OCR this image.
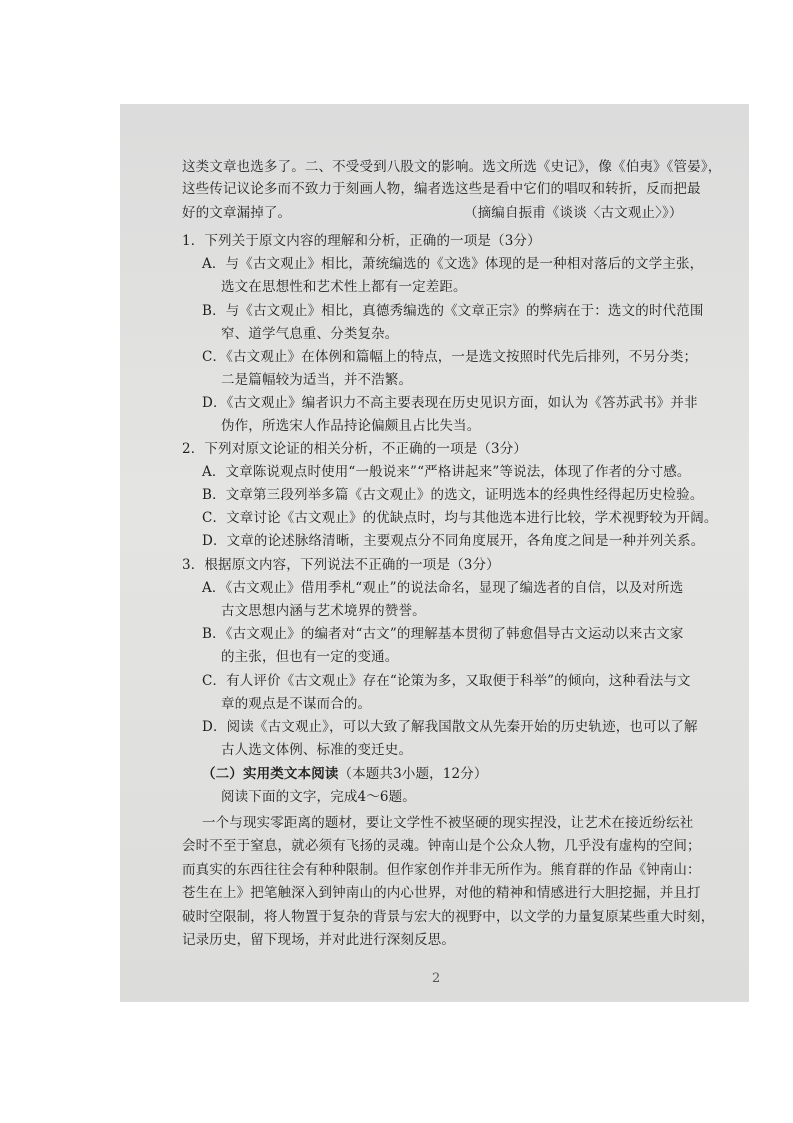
这类文章也选多了。二、不受受到八股文的影响。选文所选《史记》，像《伯夷》《管晏》，
这些传记议论多而不致力于刻画人物，编者选这些是看中它们的唱叹和转折，反而把最
好的文章漏掉了。	（摘编自振甫《谈谈〈古文观止〉》）
1．下列关于原文内容的理解和分析，正确的一项是（3分）
A．与《古文观止》相比，萧统编选的《文选》体现的是一种相对落后的文学主张，
选文在思想性和艺术性上都有一定差距。
B．与《古文观止》相比，真德秀编选的《文章正宗》的弊病在于：选文的时代范围
窄、道学气息重、分类复杂。
C．《古文观止》在体例和篇幅上的特点，一是选文按照时代先后排列，不另分类；
二是篇幅较为适当，并不浩繁。
D．《古文观止》编者识力不高主要表现在历史见识方面，如认为《答苏武书》并非
伪作，所选宋人作品持论偏颇且占比失当。
2．下列对原文论证的相关分析，不正确的一项是（3分）
A．文章陈说观点时使用“一般说来”“严格讲起来”等说法，体现了作者的分寸感。
B．文章第三段列举多篇《古文观止》的选文，证明选本的经典性经得起历史检验。
C．文章讨论《古文观止》的优缺点时，均与其他选本进行比较，学术视野较为开阔。
D．文章的论述脉络清晰，主要观点分不同角度展开，各角度之间是一种并列关系。
3．根据原文内容，下列说法不正确的一项是（3分）
A．《古文观止》借用季札“观止”的说法命名，显现了编选者的自信，以及对所选
古文思想内涵与艺术境界的赞誉。
B．《古文观止》的编者对“古文”的理解基本贯彻了韩愈倡导古文运动以来古文家
的主张，但也有一定的变通。
C．有人评价《古文观止》存在“论策为多，又取便于科举”的倾向，这种看法与文
章的观点是不谋而合的。
D．阅读《古文观止》，可以大致了解我国散文从先秦开始的历史轨迹，也可以了解
古人选文体例、标准的变迁史。
（二）实用类文本阅读（本题共3小题，12分）
阅读下面的文字，完成4～6题。
一个与现实零距离的题材，要让文学性不被坚硬的现实捏没，让艺术在接近纷纭社
会时不至于窒息，就必须有飞扬的灵魂。钟南山是个公众人物，几乎没有虚构的空间；
而真实的东西往往会有种种限制。但作家创作并非无所作为。熊育群的作品《钟南山：
苍生在上》把笔触深入到钟南山的内心世界，对他的精神和情感进行大胆挖掘，并且打
破时空限制，将人物置于复杂的背景与宏大的视野中，以文学的力量复原某些重大时刻，
记录历史，留下现场，并对此进行深刻反思。
2
